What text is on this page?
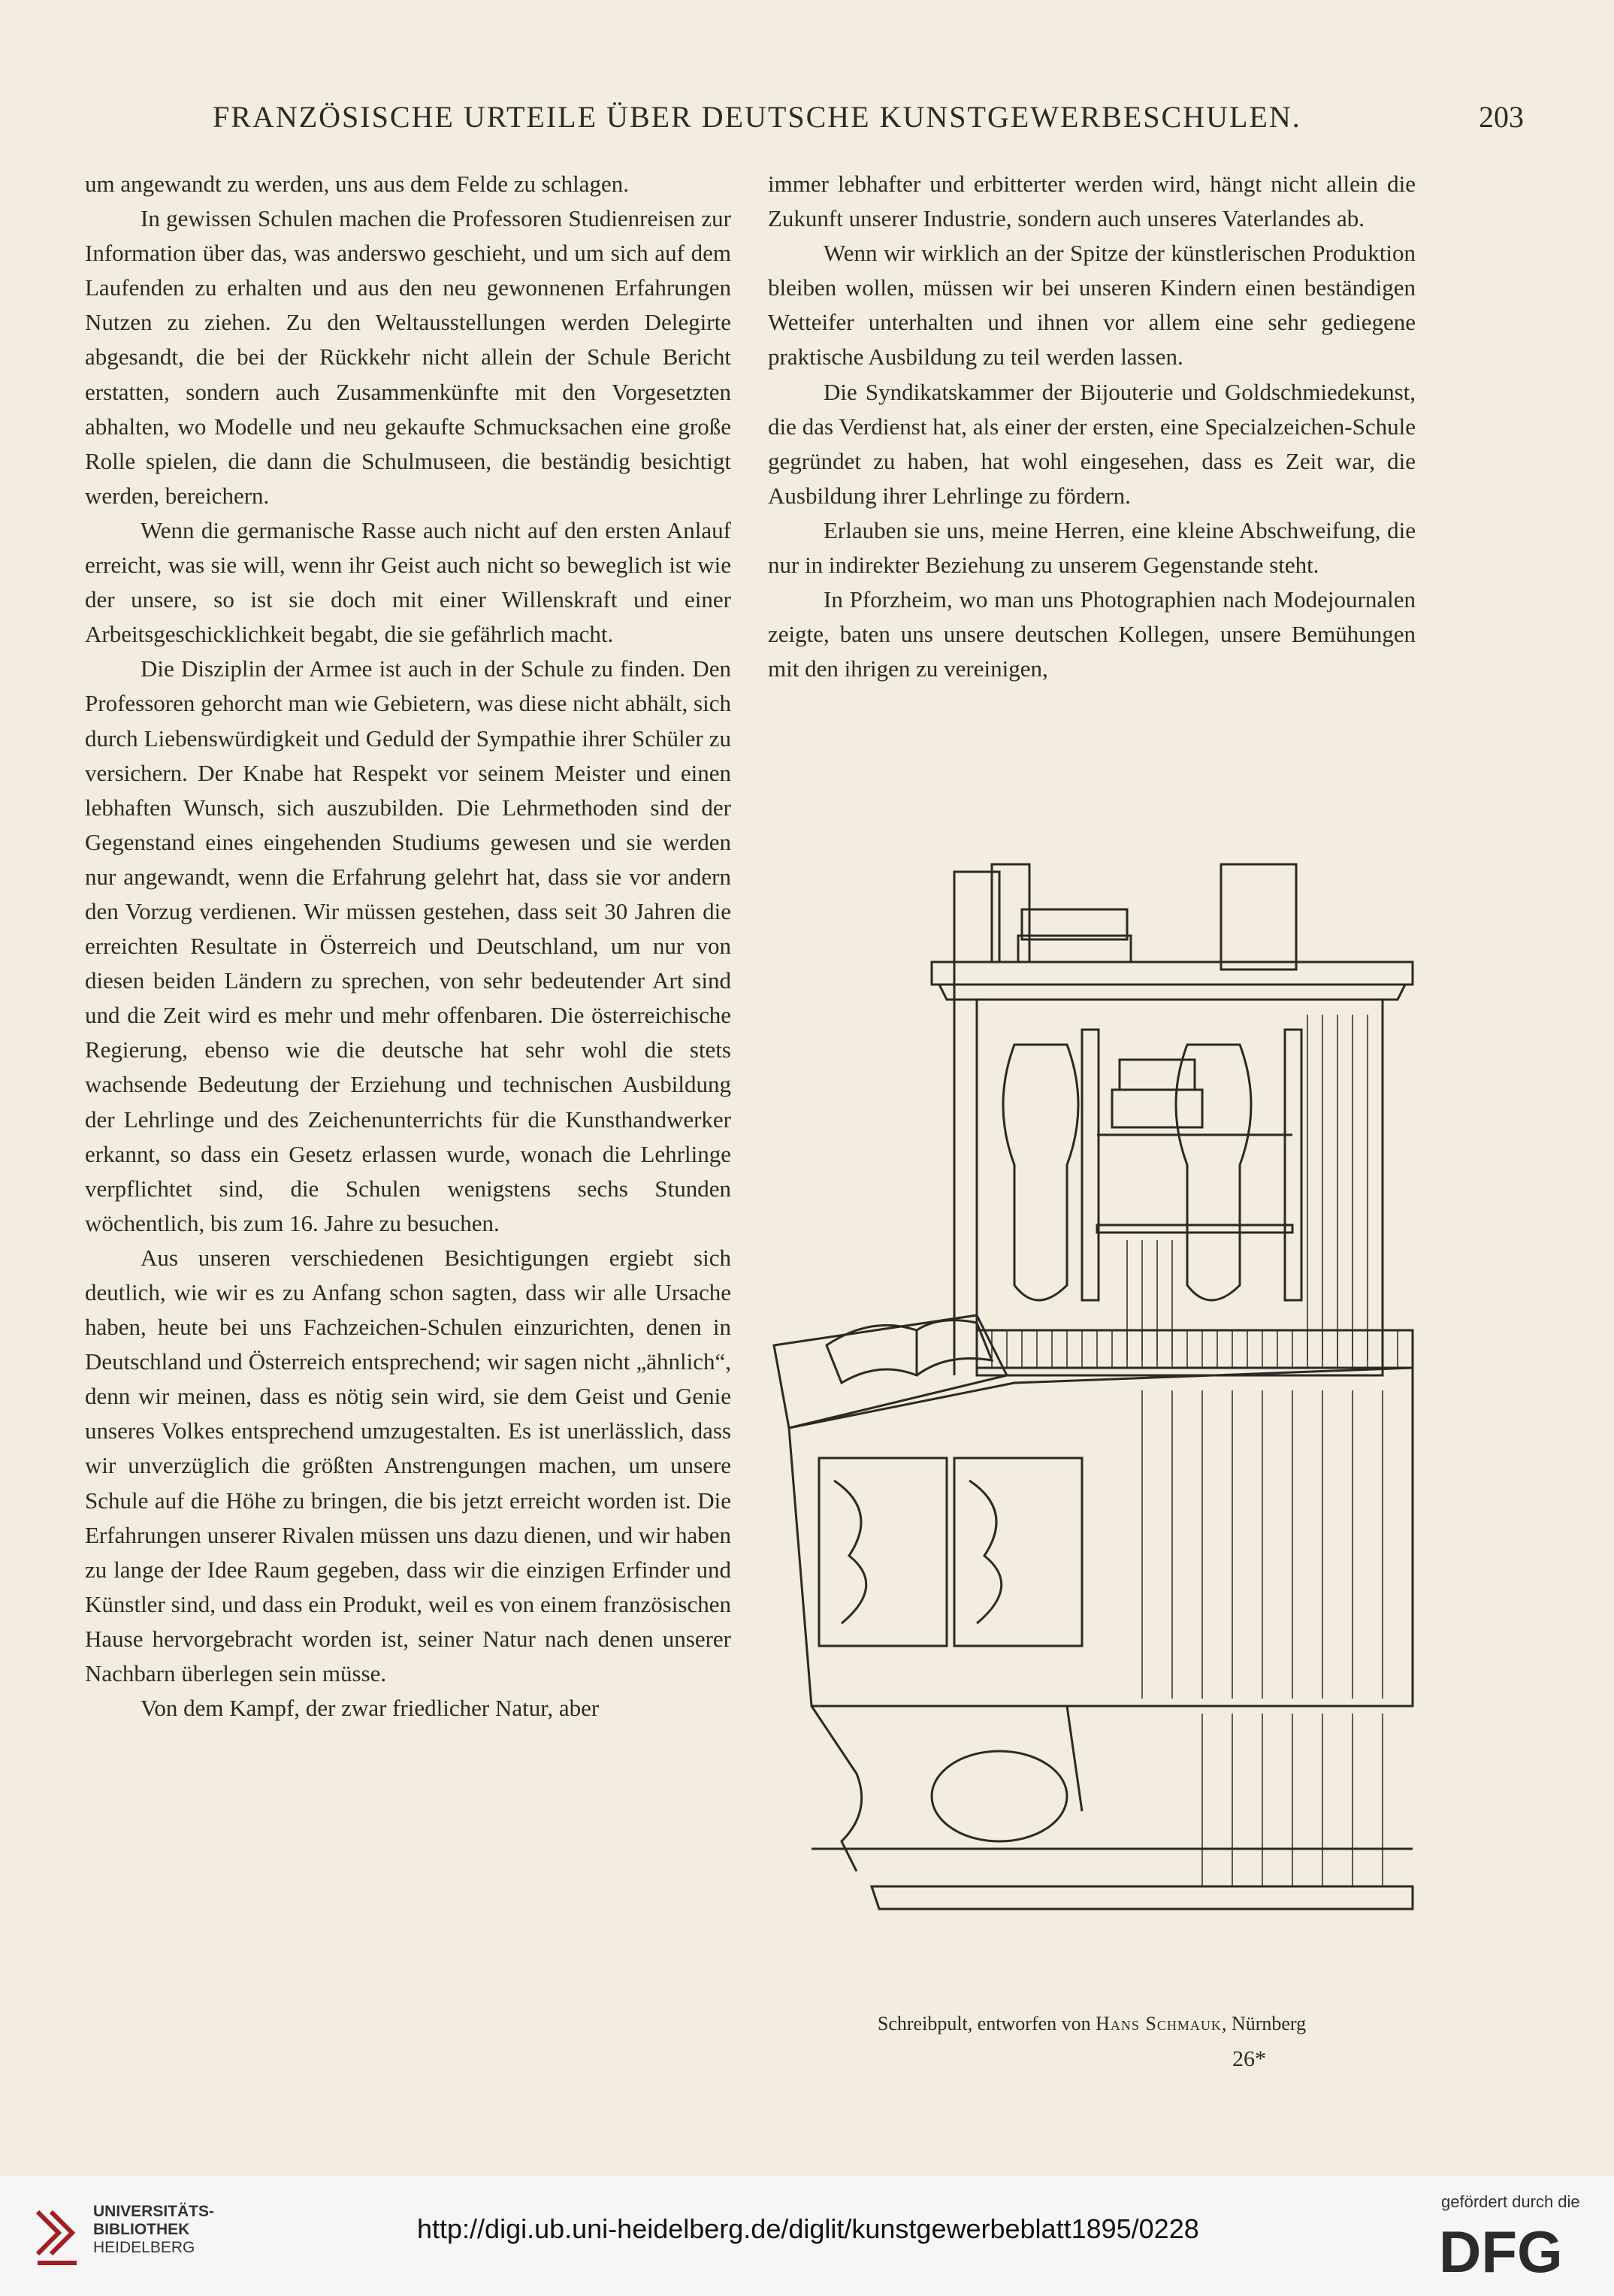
FRANZÖSISCHE URTEILE ÜBER DEUTSCHE KUNSTGEWERBESCHULEN.	203

um angewandt zu werden, uns aus dem Felde zu schlagen.

In gewissen Schulen machen die Professoren Studienreisen zur Information über das, was anderswo geschieht, und um sich auf dem Laufenden zu erhalten und aus den neu gewonnenen Erfahrungen Nutzen zu ziehen. Zu den Weltausstellungen werden Delegirte abgesandt, die bei der Rückkehr nicht allein der Schule Bericht erstatten, sondern auch Zusammenkünfte mit den Vorgesetzten abhalten, wo Modelle und neu gekaufte Schmucksachen eine große Rolle spielen, die dann die Schulmuseen, die beständig besichtigt werden, bereichern.

Wenn die germanische Rasse auch nicht auf den ersten Anlauf erreicht, was sie will, wenn ihr Geist auch nicht so beweglich ist wie der unsere, so ist sie doch mit einer Willenskraft und einer Arbeitsgeschicklichkeit begabt, die sie gefährlich macht.

Die Disziplin der Armee ist auch in der Schule zu finden. Den Professoren gehorcht man wie Gebietern, was diese nicht abhält, sich durch Liebenswürdigkeit und Geduld der Sympathie ihrer Schüler zu versichern. Der Knabe hat Respekt vor seinem Meister und einen lebhaften Wunsch, sich auszubilden. Die Lehrmethoden sind der Gegenstand eines eingehenden Studiums gewesen und sie werden nur angewandt, wenn die Erfahrung gelehrt hat, dass sie vor andern den Vorzug verdienen. Wir müssen gestehen, dass seit 30 Jahren die erreichten Resultate in Österreich und Deutschland, um nur von diesen beiden Ländern zu sprechen, von sehr bedeutender Art sind und die Zeit wird es mehr und mehr offenbaren. Die österreichische Regierung, ebenso wie die deutsche hat sehr wohl die stets wachsende Bedeutung der Erziehung und technischen Ausbildung der Lehrlinge und des Zeichenunterrichts für die Kunsthandwerker erkannt, so dass ein Gesetz erlassen wurde, wonach die Lehrlinge verpflichtet sind, die Schulen wenigstens sechs Stunden wöchentlich, bis zum 16. Jahre zu besuchen.

Aus unseren verschiedenen Besichtigungen ergiebt sich deutlich, wie wir es zu Anfang schon sagten, dass wir alle Ursache haben, heute bei uns Fachzeichen-Schulen einzurichten, denen in Deutschland und Österreich entsprechend; wir sagen nicht „ähnlich“, denn wir meinen, dass es nötig sein wird, sie dem Geist und Genie unseres Volkes entsprechend umzugestalten. Es ist unerlässlich, dass wir unverzüglich die größten Anstrengungen machen, um unsere Schule auf die Höhe zu bringen, die bis jetzt erreicht worden ist. Die Erfahrungen unserer Rivalen müssen uns dazu dienen, und wir haben zu lange der Idee Raum gegeben, dass wir die einzigen Erfinder und Künstler sind, und dass ein Produkt, weil es von einem französischen Hause hervorgebracht worden ist, seiner Natur nach denen unserer Nachbarn überlegen sein müsse.

Von dem Kampf, der zwar friedlicher Natur, aber

immer lebhafter und erbitterter werden wird, hängt nicht allein die Zukunft unserer Industrie, sondern auch unseres Vaterlandes ab.

Wenn wir wirklich an der Spitze der künstlerischen Produktion bleiben wollen, müssen wir bei unseren Kindern einen beständigen Wetteifer unterhalten und ihnen vor allem eine sehr gediegene praktische Ausbildung zu teil werden lassen.

Die Syndikatskammer der Bijouterie und Goldschmiedekunst, die das Verdienst hat, als einer der ersten, eine Specialzeichen-Schule gegründet zu haben, hat wohl eingesehen, dass es Zeit war, die Ausbildung ihrer Lehrlinge zu fördern.

Erlauben sie uns, meine Herren, eine kleine Abschweifung, die nur in indirekter Beziehung zu unserem Gegenstande steht.

In Pforzheim, wo man uns Photographien nach Modejournalen zeigte, baten uns unsere deutschen Kollegen, unsere Bemühungen mit den ihrigen zu vereinigen,

Schreibpult, entworfen von Hans Schmauk, Nürnberg
26*
UNIVERSITÄTS-
BIBLIOTHEK
HEIDELBERG
http://digi.ub.uni-heidelberg.de/diglit/kunstgewerbeblatt1895/0228
gefördert durch die
DFG
